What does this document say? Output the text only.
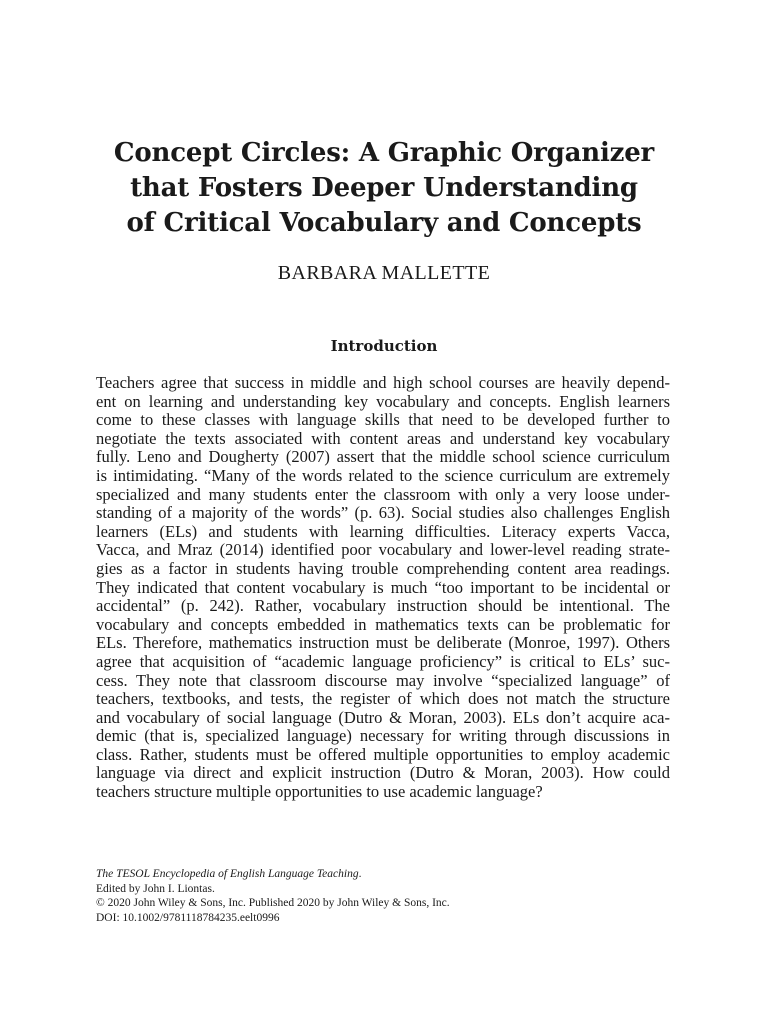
Concept Circles: A Graphic Organizer
that Fosters Deeper Understanding
of Critical Vocabulary and Concepts
BARBARA MALLETTE
Introduction
Teachers agree that success in middle and high school courses are heavily depend-
ent on learning and understanding key vocabulary and concepts. English learners
come to these classes with language skills that need to be developed further to
negotiate the texts associated with content areas and understand key vocabulary
fully. Leno and Dougherty (2007) assert that the middle school science curriculum
is intimidating. “Many of the words related to the science curriculum are extremely
specialized and many students enter the classroom with only a very loose under-
standing of a majority of the words” (p. 63). Social studies also challenges English
learners (ELs) and students with learning difficulties. Literacy experts Vacca,
Vacca, and Mraz (2014) identified poor vocabulary and lower-level reading strate-
gies as a factor in students having trouble comprehending content area readings.
They indicated that content vocabulary is much “too important to be incidental or
accidental” (p. 242). Rather, vocabulary instruction should be intentional. The
vocabulary and concepts embedded in mathematics texts can be problematic for
ELs. Therefore, mathematics instruction must be deliberate (Monroe, 1997). Others
agree that acquisition of “academic language proficiency” is critical to ELs’ suc-
cess. They note that classroom discourse may involve “specialized language” of
teachers, textbooks, and tests, the register of which does not match the structure
and vocabulary of social language (Dutro & Moran, 2003). ELs don’t acquire aca-
demic (that is, specialized language) necessary for writing through discussions in
class. Rather, students must be offered multiple opportunities to employ academic
language via direct and explicit instruction (Dutro & Moran, 2003). How could
teachers structure multiple opportunities to use academic language?
The TESOL Encyclopedia of English Language Teaching.
Edited by John I. Liontas.
© 2020 John Wiley & Sons, Inc. Published 2020 by John Wiley & Sons, Inc.
DOI: 10.1002/9781118784235.eelt0996
